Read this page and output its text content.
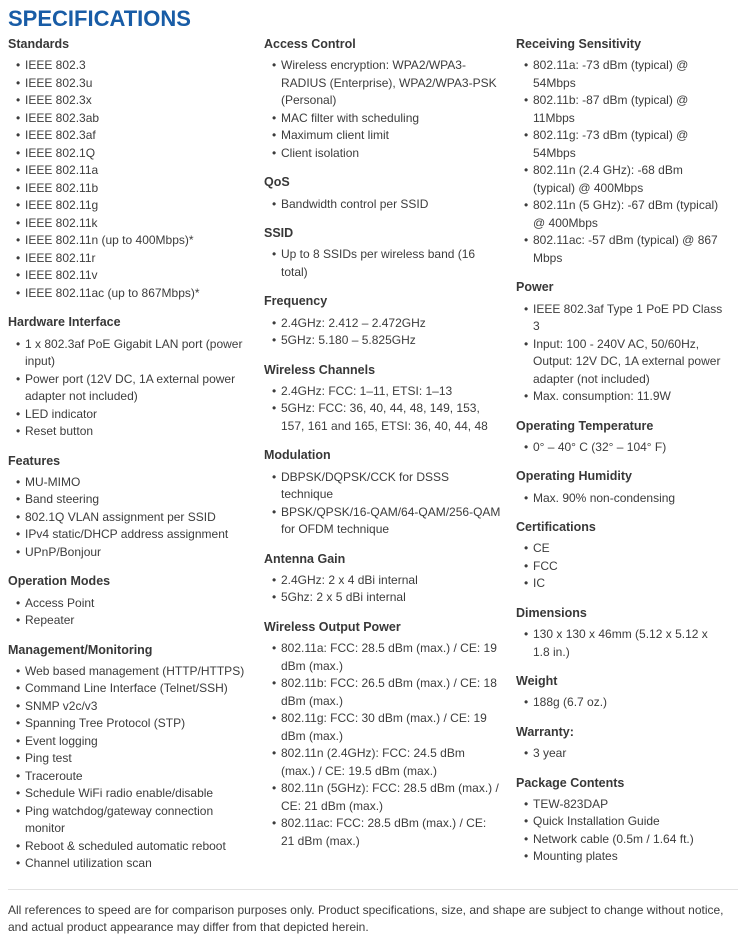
SPECIFICATIONS
Standards
• IEEE 802.3
• IEEE 802.3u
• IEEE 802.3x
• IEEE 802.3ab
• IEEE 802.3af
• IEEE 802.1Q
• IEEE 802.11a
• IEEE 802.11b
• IEEE 802.11g
• IEEE 802.11k
• IEEE 802.11n (up to 400Mbps)*
• IEEE 802.11r
• IEEE 802.11v
• IEEE 802.11ac (up to 867Mbps)*
Hardware Interface
• 1 x 802.3af PoE Gigabit LAN port (power input)
• Power port (12V DC, 1A external power adapter not included)
• LED indicator
• Reset button
Features
• MU-MIMO
• Band steering
• 802.1Q VLAN assignment per SSID
• IPv4 static/DHCP address assignment
• UPnP/Bonjour
Operation Modes
• Access Point
• Repeater
Management/Monitoring
• Web based management (HTTP/HTTPS)
• Command Line Interface (Telnet/SSH)
• SNMP v2c/v3
• Spanning Tree Protocol (STP)
• Event logging
• Ping test
• Traceroute
• Schedule WiFi radio enable/disable
• Ping watchdog/gateway connection monitor
• Reboot & scheduled automatic reboot
• Channel utilization scan
Access Control
• Wireless encryption: WPA2/WPA3-RADIUS (Enterprise), WPA2/WPA3-PSK (Personal)
• MAC filter with scheduling
• Maximum client limit
• Client isolation
QoS
• Bandwidth control per SSID
SSID
• Up to 8 SSIDs per wireless band (16 total)
Frequency
• 2.4GHz: 2.412 – 2.472GHz
• 5GHz: 5.180 – 5.825GHz
Wireless Channels
• 2.4GHz: FCC: 1–11, ETSI: 1–13
• 5GHz: FCC: 36, 40, 44, 48, 149, 153, 157, 161 and 165, ETSI: 36, 40, 44, 48
Modulation
• DBPSK/DQPSK/CCK for DSSS technique
• BPSK/QPSK/16-QAM/64-QAM/256-QAM for OFDM technique
Antenna Gain
• 2.4GHz: 2 x 4 dBi internal
• 5Ghz: 2 x 5 dBi internal
Wireless Output Power
• 802.11a: FCC: 28.5 dBm (max.) / CE: 19 dBm (max.)
• 802.11b: FCC: 26.5 dBm (max.) / CE: 18 dBm (max.)
• 802.11g: FCC: 30 dBm (max.) / CE: 19 dBm (max.)
• 802.11n (2.4GHz): FCC: 24.5 dBm (max.) / CE: 19.5 dBm (max.)
• 802.11n (5GHz): FCC: 28.5 dBm (max.) / CE: 21 dBm (max.)
• 802.11ac: FCC: 28.5 dBm (max.) / CE: 21 dBm (max.)
Receiving Sensitivity
• 802.11a: -73 dBm (typical) @ 54Mbps
• 802.11b: -87 dBm (typical) @ 11Mbps
• 802.11g: -73 dBm (typical) @ 54Mbps
• 802.11n (2.4 GHz): -68 dBm (typical) @ 400Mbps
• 802.11n (5 GHz): -67 dBm (typical) @ 400Mbps
• 802.11ac: -57 dBm (typical) @ 867 Mbps
Power
• IEEE 802.3af Type 1 PoE PD Class 3
• Input: 100 - 240V AC, 50/60Hz, Output: 12V DC, 1A external power adapter (not included)
• Max. consumption: 11.9W
Operating Temperature
• 0° – 40° C (32° – 104° F)
Operating Humidity
• Max. 90% non-condensing
Certifications
• CE
• FCC
• IC
Dimensions
• 130 x 130 x 46mm (5.12 x 5.12 x 1.8 in.)
Weight
• 188g (6.7 oz.)
Warranty:
• 3 year
Package Contents
• TEW-823DAP
• Quick Installation Guide
• Network cable (0.5m / 1.64 ft.)
• Mounting plates
All references to speed are for comparison purposes only. Product specifications, size, and shape are subject to change without notice, and actual product appearance may differ from that depicted herein.
